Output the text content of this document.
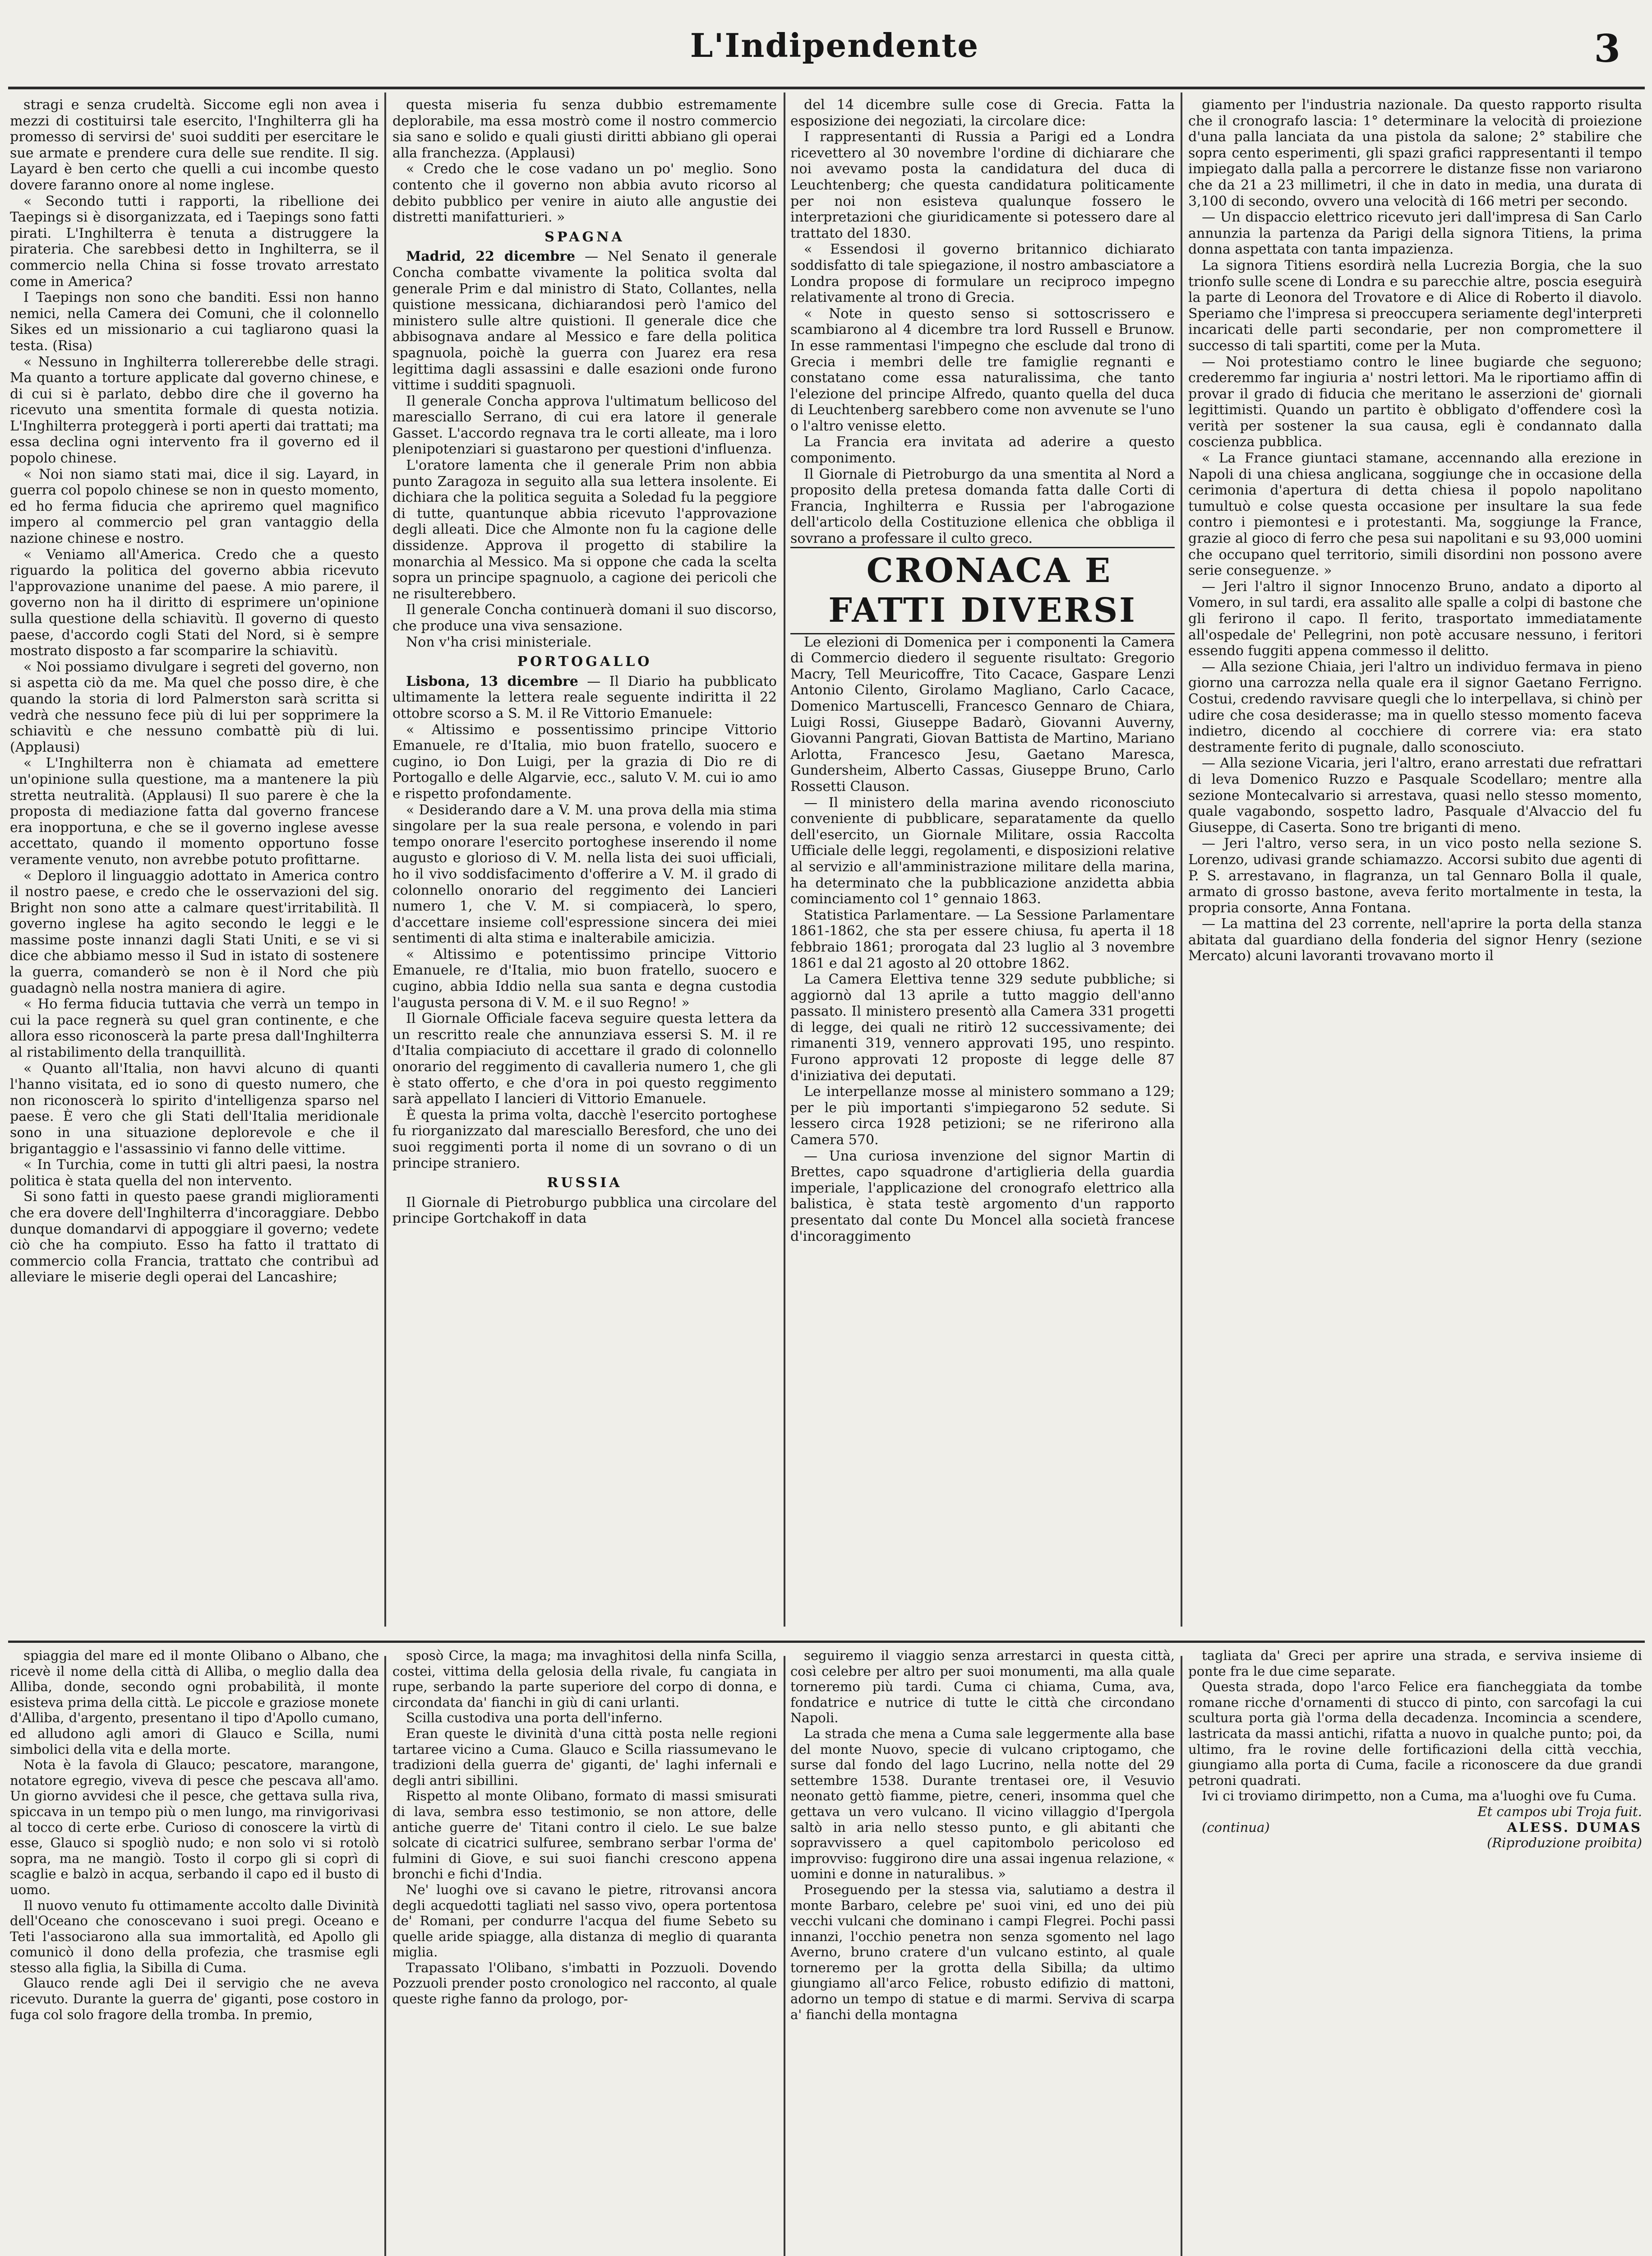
L'Indipendente	3

stragi e senza crudeltà. Siccome egli non avea i mezzi di costituirsi tale esercito, l'Inghilterra gli ha promesso di servirsi de' suoi sudditi per esercitare le sue armate e prendere cura delle sue rendite. Il sig. Layard è ben certo che quelli a cui incombe questo dovere faranno onore al nome inglese.

« Secondo tutti i rapporti, la ribellione dei Taepings si è disorganizzata, ed i Taepings sono fatti pirati. L'Inghilterra è tenuta a distruggere la pirateria. Che sarebbesi detto in Inghilterra, se il commercio nella China si fosse trovato arrestato come in America?

I Taepings non sono che banditi. Essi non hanno nemici, nella Camera dei Comuni, che il colonnello Sikes ed un missionario a cui tagliarono quasi la testa. (Risa)

« Nessuno in Inghilterra tollererebbe delle stragi. Ma quanto a torture applicate dal governo chinese, e di cui si è parlato, debbo dire che il governo ha ricevuto una smentita formale di questa notizia. L'Inghilterra proteggerà i porti aperti dai trattati; ma essa declina ogni intervento fra il governo ed il popolo chinese.

« Noi non siamo stati mai, dice il sig. Layard, in guerra col popolo chinese se non in questo momento, ed ho ferma fiducia che apriremo quel magnifico impero al commercio pel gran vantaggio della nazione chinese e nostro.

« Veniamo all'America. Credo che a questo riguardo la politica del governo abbia ricevuto l'approvazione unanime del paese. A mio parere, il governo non ha il diritto di esprimere un'opinione sulla questione della schiavitù. Il governo di questo paese, d'accordo cogli Stati del Nord, si è sempre mostrato disposto a far scomparire la schiavitù.

« Noi possiamo divulgare i segreti del governo, non si aspetta ciò da me. Ma quel che posso dire, è che quando la storia di lord Palmerston sarà scritta si vedrà che nessuno fece più di lui per sopprimere la schiavitù e che nessuno combattè più di lui. (Applausi)

« L'Inghilterra non è chiamata ad emettere un'opinione sulla questione, ma a mantenere la più stretta neutralità. (Applausi) Il suo parere è che la proposta di mediazione fatta dal governo francese era inopportuna, e che se il governo inglese avesse accettato, quando il momento opportuno fosse veramente venuto, non avrebbe potuto profittarne.

« Deploro il linguaggio adottato in America contro il nostro paese, e credo che le osservazioni del sig. Bright non sono atte a calmare quest'irritabilità. Il governo inglese ha agito secondo le leggi e le massime poste innanzi dagli Stati Uniti, e se vi si dice che abbiamo messo il Sud in istato di sostenere la guerra, comanderò se non è il Nord che più guadagnò nella nostra maniera di agire.

« Ho ferma fiducia tuttavia che verrà un tempo in cui la pace regnerà su quel gran continente, e che allora esso riconoscerà la parte presa dall'Inghilterra al ristabilimento della tranquillità.

« Quanto all'Italia, non havvi alcuno di quanti l'hanno visitata, ed io sono di questo numero, che non riconoscerà lo spirito d'intelligenza sparso nel paese. È vero che gli Stati dell'Italia meridionale sono in una situazione deplorevole e che il brigantaggio e l'assassinio vi fanno delle vittime.

« In Turchia, come in tutti gli altri paesi, la nostra politica è stata quella del non intervento.

Si sono fatti in questo paese grandi miglioramenti che era dovere dell'Inghilterra d'incoraggiare. Debbo dunque domandarvi di appoggiare il governo; vedete ciò che ha compiuto. Esso ha fatto il trattato di commercio colla Francia, trattato che contribuì ad alleviare le miserie degli operai del Lancashire;

questa miseria fu senza dubbio estremamente deplorabile, ma essa mostrò come il nostro commercio sia sano e solido e quali giusti diritti abbiano gli operai alla franchezza. (Applausi)

« Credo che le cose vadano un po' meglio. Sono contento che il governo non abbia avuto ricorso al debito pubblico per venire in aiuto alle angustie dei distretti manifatturieri. »

SPAGNA

Madrid, 22 dicembre — Nel Senato il generale Concha combatte vivamente la politica svolta dal generale Prim e dal ministro di Stato, Collantes, nella quistione messicana, dichiarandosi però l'amico del ministero sulle altre quistioni. Il generale dice che abbisognava andare al Messico e fare della politica spagnuola, poichè la guerra con Juarez era resa legittima dagli assassini e dalle esazioni onde furono vittime i sudditi spagnuoli.

Il generale Concha approva l'ultimatum bellicoso del maresciallo Serrano, di cui era latore il generale Gasset. L'accordo regnava tra le corti alleate, ma i loro plenipotenziari si guastarono per questioni d'influenza.

L'oratore lamenta che il generale Prim non abbia punto Zaragoza in seguito alla sua lettera insolente. Ei dichiara che la politica seguita a Soledad fu la peggiore di tutte, quantunque abbia ricevuto l'approvazione degli alleati. Dice che Almonte non fu la cagione delle dissidenze. Approva il progetto di stabilire la monarchia al Messico. Ma si oppone che cada la scelta sopra un principe spagnuolo, a cagione dei pericoli che ne risulterebbero.

Il generale Concha continuerà domani il suo discorso, che produce una viva sensazione.

Non v'ha crisi ministeriale.

PORTOGALLO

Lisbona, 13 dicembre — Il Diario ha pubblicato ultimamente la lettera reale seguente indiritta il 22 ottobre scorso a S. M. il Re Vittorio Emanuele:

« Altissimo e possentissimo principe Vittorio Emanuele, re d'Italia, mio buon fratello, suocero e cugino, io Don Luigi, per la grazia di Dio re di Portogallo e delle Algarvie, ecc., saluto V. M. cui io amo e rispetto profondamente.

« Desiderando dare a V. M. una prova della mia stima singolare per la sua reale persona, e volendo in pari tempo onorare l'esercito portoghese inserendo il nome augusto e glorioso di V. M. nella lista dei suoi ufficiali, ho il vivo soddisfacimento d'offerire a V. M. il grado di colonnello onorario del reggimento dei Lancieri numero 1, che V. M. si compiacerà, lo spero, d'accettare insieme coll'espressione sincera dei miei sentimenti di alta stima e inalterabile amicizia.

« Altissimo e potentissimo principe Vittorio Emanuele, re d'Italia, mio buon fratello, suocero e cugino, abbia Iddio nella sua santa e degna custodia l'augusta persona di V. M. e il suo Regno! »

Il Giornale Officiale faceva seguire questa lettera da un rescritto reale che annunziava essersi S. M. il re d'Italia compiaciuto di accettare il grado di colonnello onorario del reggimento di cavalleria numero 1, che gli è stato offerto, e che d'ora in poi questo reggimento sarà appellato I lancieri di Vittorio Emanuele.

È questa la prima volta, dacchè l'esercito portoghese fu riorganizzato dal maresciallo Beresford, che uno dei suoi reggimenti porta il nome di un sovrano o di un principe straniero.

RUSSIA

Il Giornale di Pietroburgo pubblica una circolare del principe Gortchakoff in data

del 14 dicembre sulle cose di Grecia. Fatta la esposizione dei negoziati, la circolare dice:

I rappresentanti di Russia a Parigi ed a Londra ricevettero al 30 novembre l'ordine di dichiarare che noi avevamo posta la candidatura del duca di Leuchtenberg; che questa candidatura politicamente per noi non esisteva qualunque fossero le interpretazioni che giuridicamente si potessero dare al trattato del 1830.

« Essendosi il governo britannico dichiarato soddisfatto di tale spiegazione, il nostro ambasciatore a Londra propose di formulare un reciproco impegno relativamente al trono di Grecia.

« Note in questo senso si sottoscrissero e scambiarono al 4 dicembre tra lord Russell e Brunow. In esse rammentasi l'impegno che esclude dal trono di Grecia i membri delle tre famiglie regnanti e constatano come essa naturalissima, che tanto l'elezione del principe Alfredo, quanto quella del duca di Leuchtenberg sarebbero come non avvenute se l'uno o l'altro venisse eletto.

La Francia era invitata ad aderire a questo componimento.

Il Giornale di Pietroburgo da una smentita al Nord a proposito della pretesa domanda fatta dalle Corti di Francia, Inghilterra e Russia per l'abrogazione dell'articolo della Costituzione ellenica che obbliga il sovrano a professare il culto greco.

CRONACA E FATTI DIVERSI

Le elezioni di Domenica per i componenti la Camera di Commercio diedero il seguente risultato: Gregorio Macry, Tell Meuricoffre, Tito Cacace, Gaspare Lenzi Antonio Cilento, Girolamo Magliano, Carlo Cacace, Domenico Martuscelli, Francesco Gennaro de Chiara, Luigi Rossi, Giuseppe Badarò, Giovanni Auverny, Giovanni Pangrati, Giovan Battista de Martino, Mariano Arlotta, Francesco Jesu, Gaetano Maresca, Gundersheim, Alberto Cassas, Giuseppe Bruno, Carlo Rossetti Clauson.

— Il ministero della marina avendo riconosciuto conveniente di pubblicare, separatamente da quello dell'esercito, un Giornale Militare, ossia Raccolta Ufficiale delle leggi, regolamenti, e disposizioni relative al servizio e all'amministrazione militare della marina, ha determinato che la pubblicazione anzidetta abbia cominciamento col 1° gennaio 1863.

Statistica Parlamentare. — La Sessione Parlamentare 1861-1862, che sta per essere chiusa, fu aperta il 18 febbraio 1861; prorogata dal 23 luglio al 3 novembre 1861 e dal 21 agosto al 20 ottobre 1862.

La Camera Elettiva tenne 329 sedute pubbliche; si aggiornò dal 13 aprile a tutto maggio dell'anno passato. Il ministero presentò alla Camera 331 progetti di legge, dei quali ne ritirò 12 successivamente; dei rimanenti 319, vennero approvati 195, uno respinto. Furono approvati 12 proposte di legge delle 87 d'iniziativa dei deputati.

Le interpellanze mosse al ministero sommano a 129; per le più importanti s'impiegarono 52 sedute. Si lessero circa 1928 petizioni; se ne riferirono alla Camera 570.

— Una curiosa invenzione del signor Martin di Brettes, capo squadrone d'artiglieria della guardia imperiale, l'applicazione del cronografo elettrico alla balistica, è stata testè argomento d'un rapporto presentato dal conte Du Moncel alla società francese d'incoraggimento

giamento per l'industria nazionale. Da questo rapporto risulta che il cronografo lascia: 1° determinare la velocità di proiezione d'una palla lanciata da una pistola da salone; 2° stabilire che sopra cento esperimenti, gli spazi grafici rappresentanti il tempo impiegato dalla palla a percorrere le distanze fisse non variarono che da 21 a 23 millimetri, il che in dato in media, una durata di 3,100 di secondo, ovvero una velocità di 166 metri per secondo.

— Un dispaccio elettrico ricevuto jeri dall'impresa di San Carlo annunzia la partenza da Parigi della signora Titiens, la prima donna aspettata con tanta impazienza.

La signora Titiens esordirà nella Lucrezia Borgia, che la suo trionfo sulle scene di Londra e su parecchie altre, poscia eseguirà la parte di Leonora del Trovatore e di Alice di Roberto il diavolo. Speriamo che l'impresa si preoccupera seriamente degl'interpreti incaricati delle parti secondarie, per non compromettere il successo di tali spartiti, come per la Muta.

— Noi protestiamo contro le linee bugiarde che seguono; crederemmo far ingiuria a' nostri lettori. Ma le riportiamo affin di provar il grado di fiducia che meritano le asserzioni de' giornali legittimisti. Quando un partito è obbligato d'offendere così la verità per sostener la sua causa, egli è condannato dalla coscienza pubblica.

« La France giuntaci stamane, accennando alla erezione in Napoli di una chiesa anglicana, soggiunge che in occasione della cerimonia d'apertura di detta chiesa il popolo napolitano tumultuò e colse questa occasione per insultare la sua fede contro i piemontesi e i protestanti. Ma, soggiunge la France, grazie al gioco di ferro che pesa sui napolitani e su 93,000 uomini che occupano quel territorio, simili disordini non possono avere serie conseguenze. »

— Jeri l'altro il signor Innocenzo Bruno, andato a diporto al Vomero, in sul tardi, era assalito alle spalle a colpi di bastone che gli ferirono il capo. Il ferito, trasportato immediatamente all'ospedale de' Pellegrini, non potè accusare nessuno, i feritori essendo fuggiti appena commesso il delitto.

— Alla sezione Chiaia, jeri l'altro un individuo fermava in pieno giorno una carrozza nella quale era il signor Gaetano Ferrigno. Costui, credendo ravvisare quegli che lo interpellava, si chinò per udire che cosa desiderasse; ma in quello stesso momento faceva indietro, dicendo al cocchiere di correre via: era stato destramente ferito di pugnale, dallo sconosciuto.

— Alla sezione Vicaria, jeri l'altro, erano arrestati due refrattari di leva Domenico Ruzzo e Pasquale Scodellaro; mentre alla sezione Montecalvario si arrestava, quasi nello stesso momento, quale vagabondo, sospetto ladro, Pasquale d'Alvaccio del fu Giuseppe, di Caserta. Sono tre briganti di meno.

— Jeri l'altro, verso sera, in un vico posto nella sezione S. Lorenzo, udivasi grande schiamazzo. Accorsi subito due agenti di P. S. arrestavano, in flagranza, un tal Gennaro Bolla il quale, armato di grosso bastone, aveva ferito mortalmente in testa, la propria consorte, Anna Fontana.

— La mattina del 23 corrente, nell'aprire la porta della stanza abitata dal guardiano della fonderia del signor Henry (sezione Mercato) alcuni lavoranti trovavano morto il

spiaggia del mare ed il monte Olibano o Albano, che ricevè il nome della città di Alliba, o meglio dalla dea Alliba, donde, secondo ogni probabilità, il monte esisteva prima della città. Le piccole e graziose monete d'Alliba, d'argento, presentano il tipo d'Apollo cumano, ed alludono agli amori di Glauco e Scilla, numi simbolici della vita e della morte.

Nota è la favola di Glauco; pescatore, marangone, notatore egregio, viveva di pesce che pescava all'amo. Un giorno avvidesi che il pesce, che gettava sulla riva, spiccava in un tempo più o men lungo, ma rinvigorivasi al tocco di certe erbe. Curioso di conoscere la virtù di esse, Glauco si spogliò nudo; e non solo vi si rotolò sopra, ma ne mangiò. Tosto il corpo gli si coprì di scaglie e balzò in acqua, serbando il capo ed il busto di uomo.

Il nuovo venuto fu ottimamente accolto dalle Divinità dell'Oceano che conoscevano i suoi pregi. Oceano e Teti l'associarono alla sua immortalità, ed Apollo gli comunicò il dono della profezia, che trasmise egli stesso alla figlia, la Sibilla di Cuma.

Glauco rende agli Dei il servigio che ne aveva ricevuto. Durante la guerra de' giganti, pose costoro in fuga col solo fragore della tromba. In premio,

sposò Circe, la maga; ma invaghitosi della ninfa Scilla, costei, vittima della gelosia della rivale, fu cangiata in rupe, serbando la parte superiore del corpo di donna, e circondata da' fianchi in giù di cani urlanti.

Scilla custodiva una porta dell'inferno.

Eran queste le divinità d'una città posta nelle regioni tartaree vicino a Cuma. Glauco e Scilla riassumevano le tradizioni della guerra de' giganti, de' laghi infernali e degli antri sibillini.

Rispetto al monte Olibano, formato di massi smisurati di lava, sembra esso testimonio, se non attore, delle antiche guerre de' Titani contro il cielo. Le sue balze solcate di cicatrici sulfuree, sembrano serbar l'orma de' fulmini di Giove, e sui suoi fianchi crescono appena bronchi e fichi d'India.

Ne' luoghi ove si cavano le pietre, ritrovansi ancora degli acquedotti tagliati nel sasso vivo, opera portentosa de' Romani, per condurre l'acqua del fiume Sebeto su quelle aride spiagge, alla distanza di meglio di quaranta miglia.

Trapassato l'Olibano, s'imbatti in Pozzuoli. Dovendo Pozzuoli prender posto cronologico nel racconto, al quale queste righe fanno da prologo, por-

seguiremo il viaggio senza arrestarci in questa città, così celebre per altro per suoi monumenti, ma alla quale torneremo più tardi. Cuma ci chiama, Cuma, ava, fondatrice e nutrice di tutte le città che circondano Napoli.

La strada che mena a Cuma sale leggermente alla base del monte Nuovo, specie di vulcano criptogamo, che surse dal fondo del lago Lucrino, nella notte del 29 settembre 1538. Durante trentasei ore, il Vesuvio neonato gettò fiamme, pietre, ceneri, insomma quel che gettava un vero vulcano. Il vicino villaggio d'Ipergola saltò in aria nello stesso punto, e gli abitanti che sopravvissero a quel capitombolo pericoloso ed improvviso: fuggirono dire una assai ingenua relazione, « uomini e donne in naturalibus. »

Proseguendo per la stessa via, salutiamo a destra il monte Barbaro, celebre pe' suoi vini, ed uno dei più vecchi vulcani che dominano i campi Flegrei. Pochi passi innanzi, l'occhio penetra non senza sgomento nel lago Averno, bruno cratere d'un vulcano estinto, al quale torneremo per la grotta della Sibilla; da ultimo giungiamo all'arco Felice, robusto edifizio di mattoni, adorno un tempo di statue e di marmi. Serviva di scarpa a' fianchi della montagna

tagliata da' Greci per aprire una strada, e serviva insieme di ponte fra le due cime separate.

Questa strada, dopo l'arco Felice era fiancheggiata da tombe romane ricche d'ornamenti di stucco di pinto, con sarcofagi la cui scultura porta già l'orma della decadenza. Incomincia a scendere, lastricata da massi antichi, rifatta a nuovo in qualche punto; poi, da ultimo, fra le rovine delle fortificazioni della città vecchia, giungiamo alla porta di Cuma, facile a riconoscere da due grandi petroni quadrati.

Ivi ci troviamo dirimpetto, non a Cuma, ma a'luoghi ove fu Cuma.

Et campos ubi Troja fuit.

(continua)	ALESS. DUMAS

(Riproduzione proibita)
